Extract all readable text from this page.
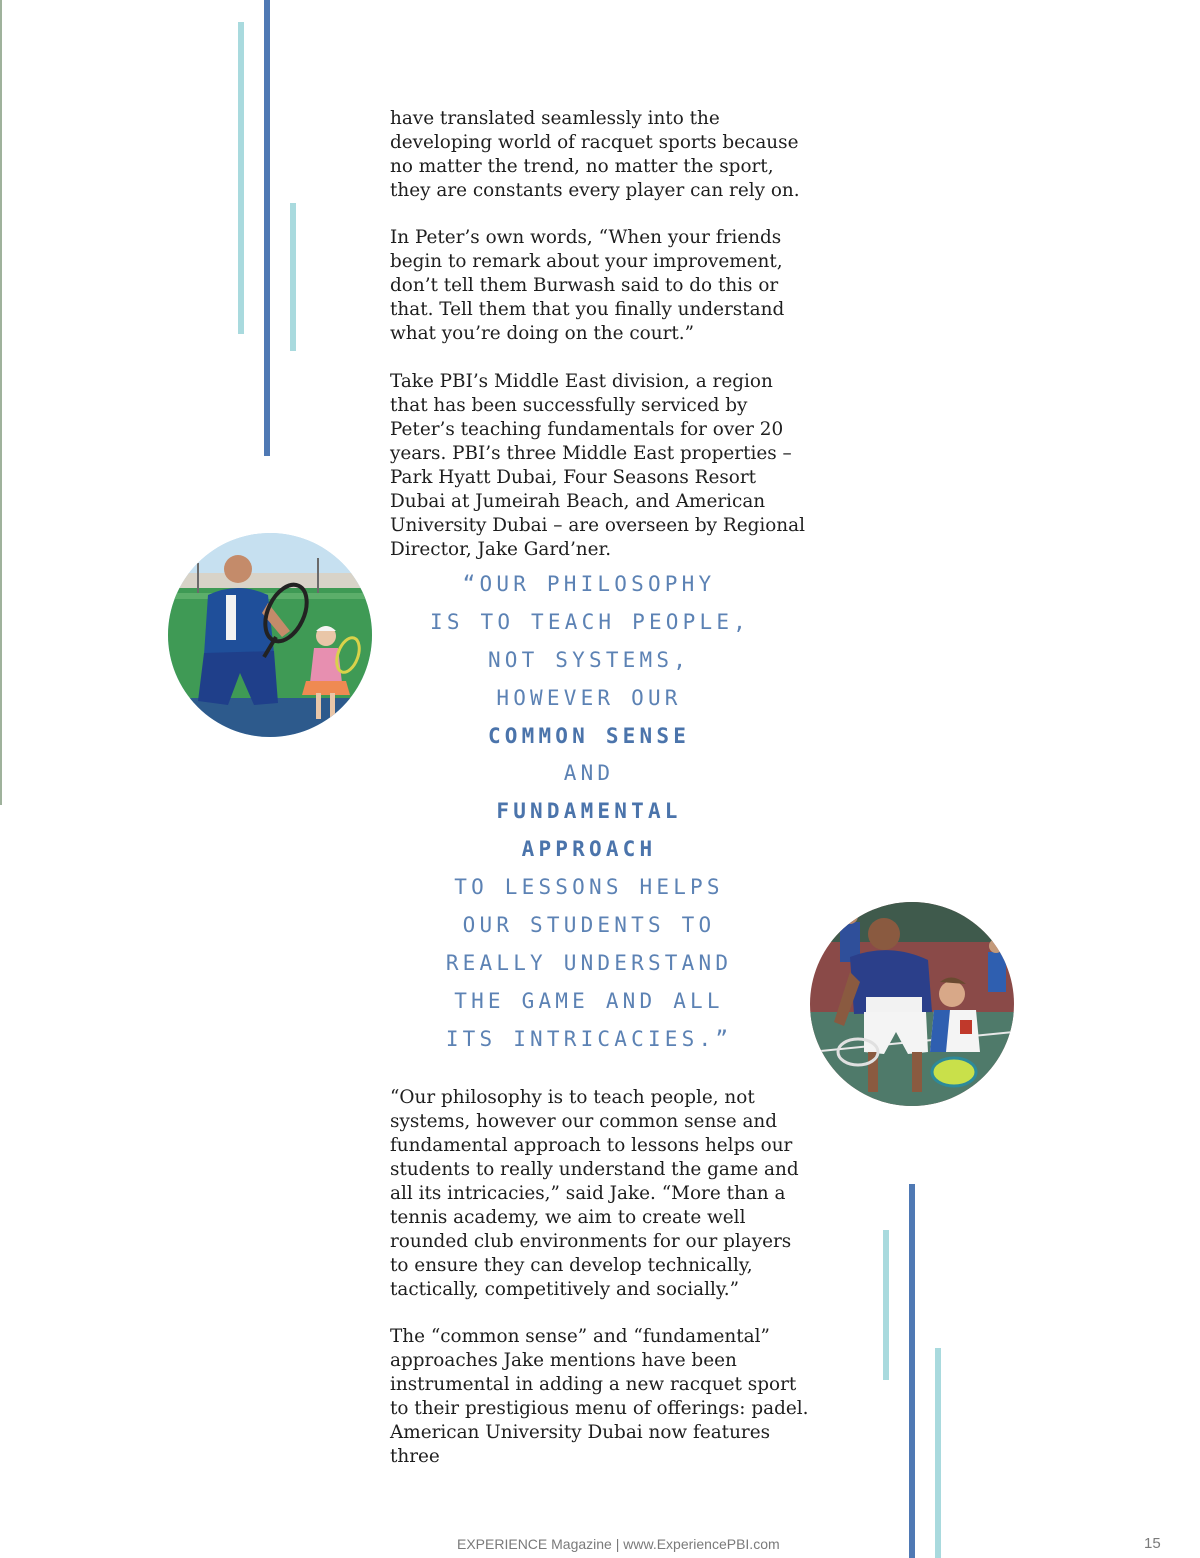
have translated seamlessly into the developing world of racquet sports because no matter the trend, no matter the sport, they are constants every player can rely on.

In Peter’s own words, “When your friends begin to remark about your improvement, don’t tell them Burwash said to do this or that. Tell them that you finally understand what you’re doing on the court.”

Take PBI’s Middle East division, a region that has been successfully serviced by Peter’s teaching fundamentals for over 20 years. PBI’s three Middle East properties – Park Hyatt Dubai, Four Seasons Resort Dubai at Jumeirah Beach, and American University Dubai – are overseen by Regional Director, Jake Gard’ner.

“Our philosophy is to teach people, not systems, however our common sense and fundamental approach to lessons helps our students to really understand the game and all its intricacies,” said Jake. “More than a tennis academy, we aim to create well rounded club environments for our players to ensure they can develop technically, tactically, competitively and socially.”

The “common sense” and “fundamental” approaches Jake mentions have been instrumental in adding a new racquet sport to their prestigious menu of offerings: padel. American University Dubai now features three

“OUR PHILOSOPHY
IS TO TEACH PEOPLE,
NOT SYSTEMS,
HOWEVER OUR
COMMON SENSE
AND
FUNDAMENTAL
APPROACH
TO LESSONS HELPS
OUR STUDENTS TO
REALLY UNDERSTAND
THE GAME AND ALL
ITS INTRICACIES.”
EXPERIENCE Magazine | www.ExperiencePBI.com	15
